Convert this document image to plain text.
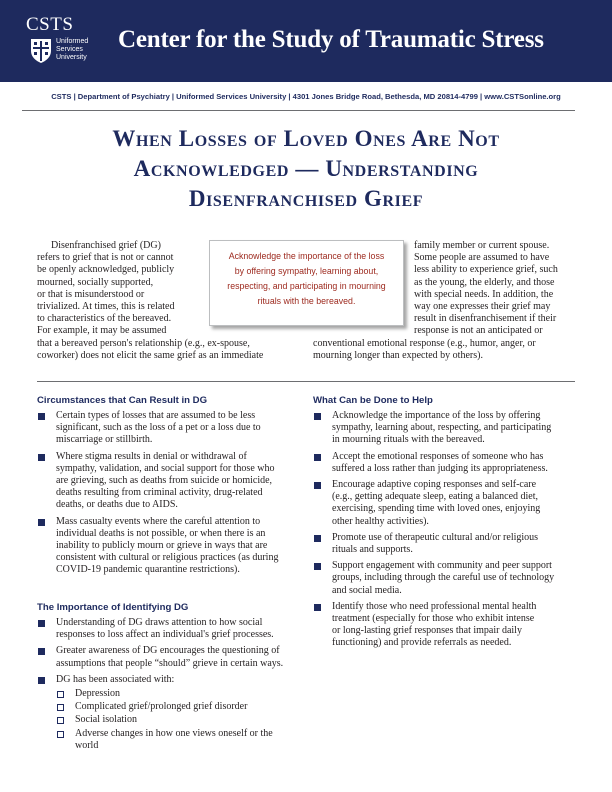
CSTS
Uniformed
Services
University
Center for the Study of Traumatic Stress
CSTS | Department of Psychiatry | Uniformed Services University | 4301 Jones Bridge Road, Bethesda, MD 20814-4799 | www.CSTSonline.org
When Losses of Loved Ones Are Not
Acknowledged — Understanding
Disenfranchised Grief
Disenfranchised grief (DG)
refers to grief that is not or cannot
be openly acknowledged, publicly
mourned, socially supported,
or that is misunderstood or
trivialized. At times, this is related
to characteristics of the bereaved.
For example, it may be assumed
that a bereaved person's relationship (e.g., ex-spouse,
coworker) does not elicit the same grief as an immediate
family member or current spouse.
Some people are assumed to have
less ability to experience grief, such
as the young, the elderly, and those
with special needs. In addition, the
way one expresses their grief may
result in disenfranchisement if their
response is not an anticipated or
conventional emotional response (e.g., humor, anger, or
mourning longer than expected by others).
Acknowledge the importance of the loss
by offering sympathy, learning about,
respecting, and participating in mourning
rituals with the bereaved.
Circumstances that Can Result in DG
Certain types of losses that are assumed to be less
significant, such as the loss of a pet or a loss due to
miscarriage or stillbirth.
Where stigma results in denial or withdrawal of
sympathy, validation, and social support for those who
are grieving, such as deaths from suicide or homicide,
deaths resulting from criminal activity, drug-related
deaths, or deaths due to AIDS.
Mass casualty events where the careful attention to
individual deaths is not possible, or when there is an
inability to publicly mourn or grieve in ways that are
consistent with cultural or religious practices (as during
COVID-19 pandemic quarantine restrictions).
The Importance of Identifying DG
Understanding of DG draws attention to how social
responses to loss affect an individual's grief processes.
Greater awareness of DG encourages the questioning of
assumptions that people “should” grieve in certain ways.
DG has been associated with:
Depression
Complicated grief/prolonged grief disorder
Social isolation
Adverse changes in how one views oneself or the
world
What Can be Done to Help
Acknowledge the importance of the loss by offering
sympathy, learning about, respecting, and participating
in mourning rituals with the bereaved.
Accept the emotional responses of someone who has
suffered a loss rather than judging its appropriateness.
Encourage adaptive coping responses and self-care
(e.g., getting adequate sleep, eating a balanced diet,
exercising, spending time with loved ones, enjoying
other healthy activities).
Promote use of therapeutic cultural and/or religious
rituals and supports.
Support engagement with community and peer support
groups, including through the careful use of technology
and social media.
Identify those who need professional mental health
treatment (especially for those who exhibit intense
or long-lasting grief responses that impair daily
functioning) and provide referrals as needed.
